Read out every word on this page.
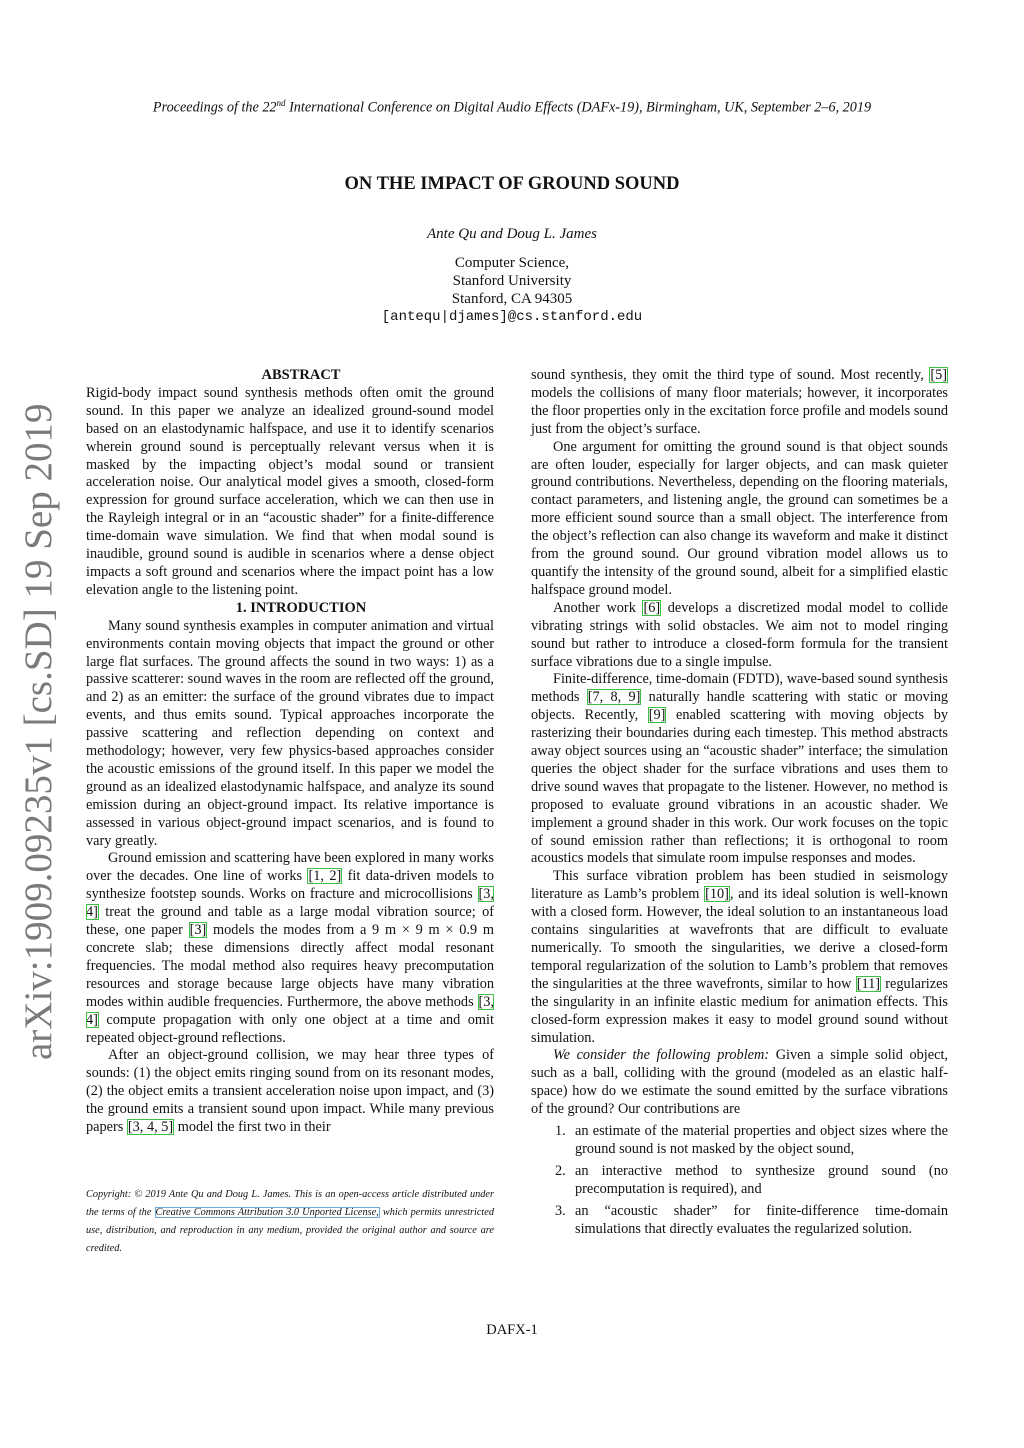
Proceedings of the 22nd International Conference on Digital Audio Effects (DAFx-19), Birmingham, UK, September 2–6, 2019
ON THE IMPACT OF GROUND SOUND
Ante Qu and Doug L. James
Computer Science,
Stanford University
Stanford, CA 94305
[antequ|djames]@cs.stanford.edu
arXiv:1909.09235v1 [cs.SD] 19 Sep 2019

ABSTRACT

Rigid-body impact sound synthesis methods often omit the ground sound. In this paper we analyze an idealized ground-sound model based on an elastodynamic halfspace, and use it to identify scenarios wherein ground sound is perceptually relevant versus when it is masked by the impacting object’s modal sound or transient acceleration noise. Our analytical model gives a smooth, closed-form expression for ground surface acceleration, which we can then use in the Rayleigh integral or in an “acoustic shader” for a finite-difference time-domain wave simulation. We find that when modal sound is inaudible, ground sound is audible in scenarios where a dense object impacts a soft ground and scenarios where the impact point has a low elevation angle to the listening point.

1. INTRODUCTION

Many sound synthesis examples in computer animation and virtual environments contain moving objects that impact the ground or other large flat surfaces. The ground affects the sound in two ways: 1) as a passive scatterer: sound waves in the room are reflected off the ground, and 2) as an emitter: the surface of the ground vibrates due to impact events, and thus emits sound. Typical approaches incorporate the passive scattering and reflection depending on context and methodology; however, very few physics-based approaches consider the acoustic emissions of the ground itself. In this paper we model the ground as an idealized elastodynamic halfspace, and analyze its sound emission during an object-ground impact. Its relative importance is assessed in various object-ground impact scenarios, and is found to vary greatly.

Ground emission and scattering have been explored in many works over the decades. One line of works [1, 2] fit data-driven models to synthesize footstep sounds. Works on fracture and microcollisions [3, 4] treat the ground and table as a large modal vibration source; of these, one paper [3] models the modes from a 9 m × 9 m × 0.9 m concrete slab; these dimensions directly affect modal resonant frequencies. The modal method also requires heavy precomputation resources and storage because large objects have many vibration modes within audible frequencies. Furthermore, the above methods [3, 4] compute propagation with only one object at a time and omit repeated object-ground reflections.

After an object-ground collision, we may hear three types of sounds: (1) the object emits ringing sound from on its resonant modes, (2) the object emits a transient acceleration noise upon impact, and (3) the ground emits a transient sound upon impact. While many previous papers [3, 4, 5] model the first two in their

Copyright: © 2019 Ante Qu and Doug L. James. This is an open-access article distributed under the terms of the Creative Commons Attribution 3.0 Unported License, which permits unrestricted use, distribution, and reproduction in any medium, provided the original author and source are credited.

sound synthesis, they omit the third type of sound. Most recently, [5] models the collisions of many floor materials; however, it incorporates the floor properties only in the excitation force profile and models sound just from the object’s surface.

One argument for omitting the ground sound is that object sounds are often louder, especially for larger objects, and can mask quieter ground contributions. Nevertheless, depending on the flooring materials, contact parameters, and listening angle, the ground can sometimes be a more efficient sound source than a small object. The interference from the object’s reflection can also change its waveform and make it distinct from the ground sound. Our ground vibration model allows us to quantify the intensity of the ground sound, albeit for a simplified elastic halfspace ground model.

Another work [6] develops a discretized modal model to collide vibrating strings with solid obstacles. We aim not to model ringing sound but rather to introduce a closed-form formula for the transient surface vibrations due to a single impulse.

Finite-difference, time-domain (FDTD), wave-based sound synthesis methods [7, 8, 9] naturally handle scattering with static or moving objects. Recently, [9] enabled scattering with moving objects by rasterizing their boundaries during each timestep. This method abstracts away object sources using an “acoustic shader” interface; the simulation queries the object shader for the surface vibrations and uses them to drive sound waves that propagate to the listener. However, no method is proposed to evaluate ground vibrations in an acoustic shader. We implement a ground shader in this work. Our work focuses on the topic of sound emission rather than reflections; it is orthogonal to room acoustics models that simulate room impulse responses and modes.

This surface vibration problem has been studied in seismology literature as Lamb’s problem [10], and its ideal solution is well-known with a closed form. However, the ideal solution to an instantaneous load contains singularities at wavefronts that are difficult to evaluate numerically. To smooth the singularities, we derive a closed-form temporal regularization of the solution to Lamb’s problem that removes the singularities at the three wavefronts, similar to how [11] regularizes the singularity in an infinite elastic medium for animation effects. This closed-form expression makes it easy to model ground sound without simulation.

We consider the following problem: Given a simple solid object, such as a ball, colliding with the ground (modeled as an elastic half-space) how do we estimate the sound emitted by the surface vibrations of the ground? Our contributions are

1. an estimate of the material properties and object sizes where the ground sound is not masked by the object sound,
2. an interactive method to synthesize ground sound (no precomputation is required), and
3. an “acoustic shader” for finite-difference time-domain simulations that directly evaluates the regularized solution.
DAFX-1
